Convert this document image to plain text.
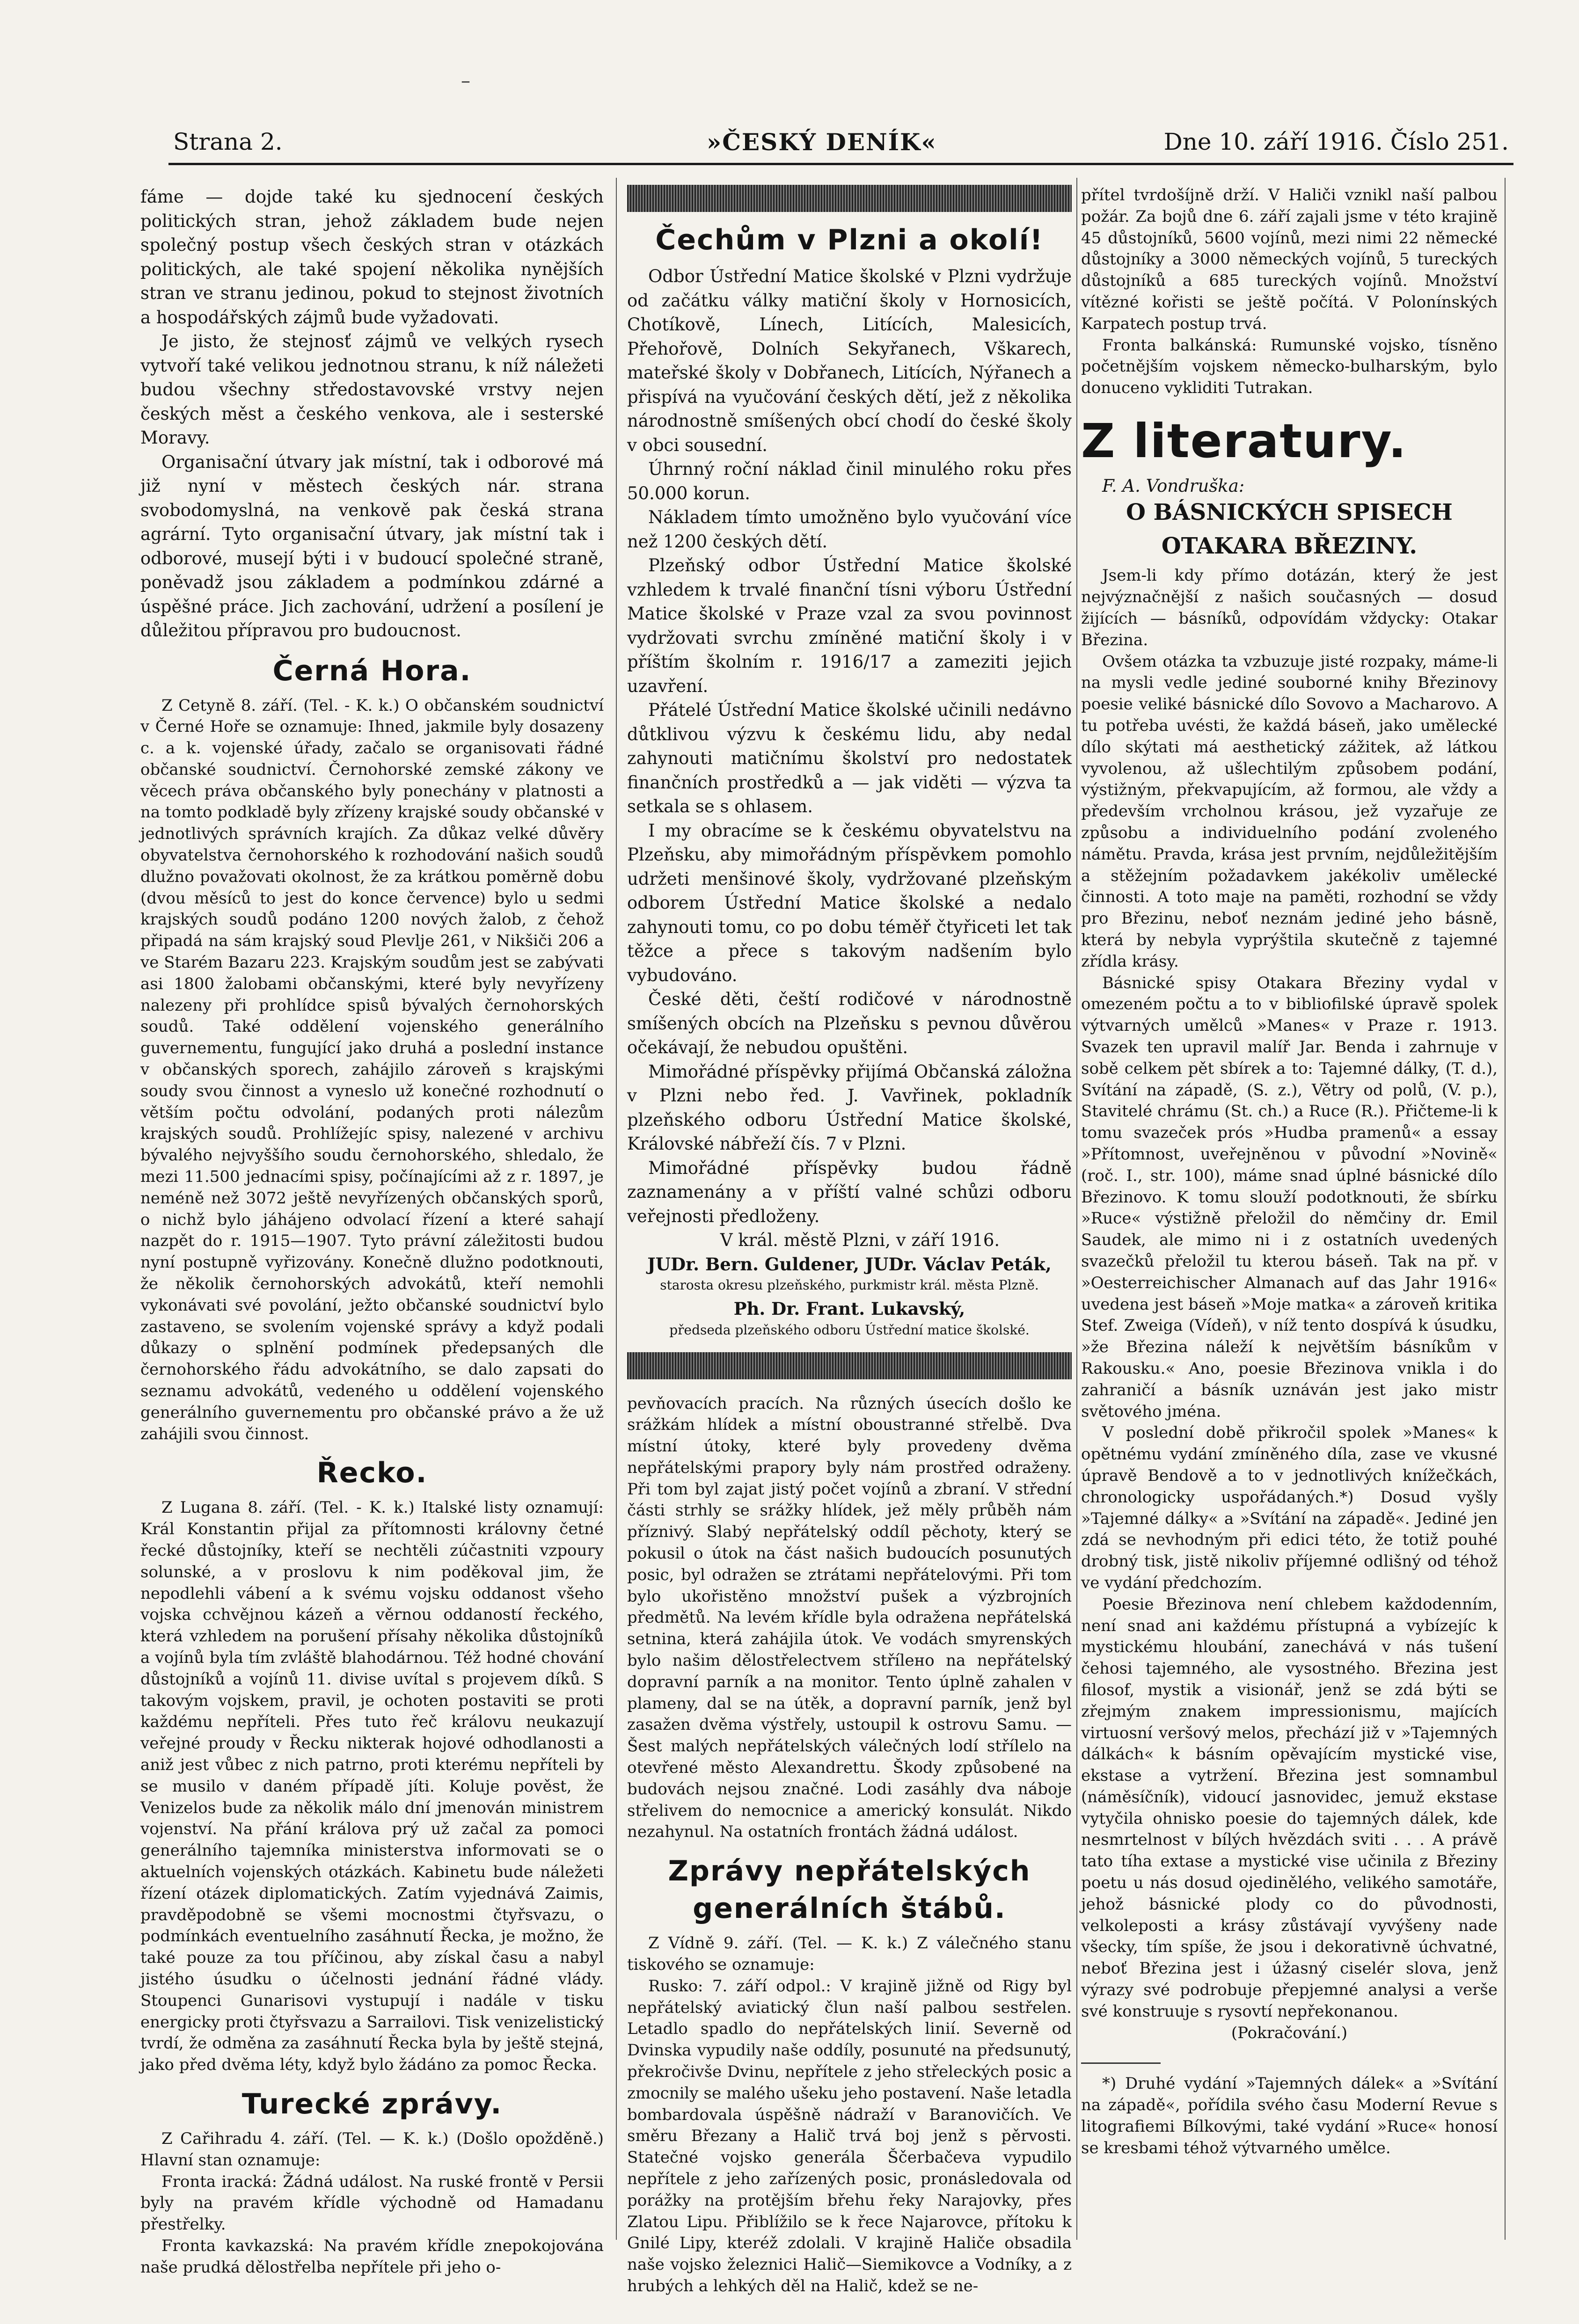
–
Strana 2.	»ČESKÝ DENÍK«	Dne 10. září 1916. Číslo 251.

fáme — dojde také ku sjednocení českých politických stran, jehož základem bude nejen společný postup všech českých stran v otázkách politických, ale také spojení několika nynějších stran ve stranu jedinou, pokud to stejnost životních a hospodářských zájmů bude vyžadovati.

Je jisto, že stejnosť zájmů ve velkých rysech vytvoří také velikou jednotnou stranu, k níž náležeti budou všechny středostavovské vrstvy nejen českých měst a českého venkova, ale i sesterské Moravy.

Organisační útvary jak místní, tak i odborové má již nyní v městech českých nár. strana svobodomyslná, na venkově pak česká strana agrární. Tyto organisační útvary, jak místní tak i odborové, musejí býti i v budoucí společné straně, poněvadž jsou základem a podmínkou zdárné a úspěšné práce. Jich zachování, udržení a posílení je důležitou přípravou pro budoucnost.

Černá Hora.

Z Cetyně 8. září. (Tel. - K. k.) O občanském soudnictví v Černé Hoře se oznamuje: Ihned, jakmile byly dosazeny c. a k. vojenské úřady, začalo se organisovati řádné občanské soudnictví. Černohorské zemské zákony ve věcech práva občanského byly ponechány v platnosti a na tomto podkladě byly zřízeny krajské soudy občanské v jednotlivých správních krajích. Za důkaz velké důvěry obyvatelstva černohorského k rozhodování našich soudů dlužno považovati okolnost, že za krátkou poměrně dobu (dvou měsíců to jest do konce července) bylo u sedmi krajských soudů podáno 1200 nových žalob, z čehož připadá na sám krajský soud Plevlje 261, v Nikšiči 206 a ve Starém Bazaru 223. Krajským soudům jest se zabývati asi 1800 žalobami občanskými, které byly nevyřízeny nalezeny při prohlídce spisů bývalých černohorských soudů. Také oddělení vojenského generálního guvernementu, fungující jako druhá a poslední instance v občanských sporech, zahájilo zároveň s krajskými soudy svou činnost a vyneslo už konečné rozhodnutí o větším počtu odvolání, podaných proti nálezům krajských soudů. Prohlížejíc spisy, nalezené v archivu bývalého nejvyššího soudu černohorského, shledalo, že mezi 11.500 jednacími spisy, počínajícími až z r. 1897, je neméně než 3072 ještě nevyřízených občanských sporů, o nichž bylo jáhájeno odvolací řízení a které sahají nazpět do r. 1915—1907. Tyto právní záležitosti budou nyní postupně vyřizovány. Konečně dlužno podotknouti, že několik černohorských advokátů, kteří nemohli vykonávati své povolání, ježto občanské soudnictví bylo zastaveno, se svolením vojenské správy a když podali důkazy o splnění podmínek předepsaných dle černohorského řádu advokátního, se dalo zapsati do seznamu advokátů, vedeného u oddělení vojenského generálního guvernementu pro občanské právo a že už zahájili svou činnost.

Řecko.

Z Lugana 8. září. (Tel. - K. k.) Italské listy oznamují: Král Konstantin přijal za přítomnosti královny četné řecké důstojníky, kteří se nechtěli zúčastniti vzpoury solunské, a v proslovu k nim poděkoval jim, že nepodlehli vábení a k svému vojsku oddanost všeho vojska cchvějnou kázeň a věrnou oddaností řeckého, která vzhledem na porušení přísahy několika důstojníků a vojínů byla tím zvláště blahodárnou. Též hodné chování důstojníků a vojínů 11. divise uvítal s projevem díků. S takovým vojskem, pravil, je ochoten postaviti se proti každému nepříteli. Přes tuto řeč královu neukazují veřejné proudy v Řecku nikterak hojové odhodlanosti a aniž jest vůbec z nich patrno, proti kterému nepříteli by se musilo v daném případě jíti. Koluje pověst, že Venizelos bude za několik málo dní jmenován ministrem vojenství. Na přání králova prý už začal za pomoci generálního tajemníka ministerstva informovati se o aktuelních vojenských otázkách. Kabinetu bude náležeti řízení otázek diplomatických. Zatím vyjednává Zaimis, pravděpodobně se všemi mocnostmi čtyřsvazu, o podmínkách eventuelního zasáhnutí Řecka, je možno, že také pouze za tou příčinou, aby získal času a nabyl jistého úsudku o účelnosti jednání řádné vlády. Stoupenci Gunarisovi vystupují i nadále v tisku energicky proti čtyřsvazu a Sarrailovi. Tisk venizelistický tvrdí, že odměna za zasáhnutí Řecka byla by ještě stejná, jako před dvěma léty, když bylo žádáno za pomoc Řecka.

Turecké zprávy.

Z Cařihradu 4. září. (Tel. — K. k.) (Došlo opožděně.) Hlavní stan oznamuje:

Fronta iracká: Žádná událost. Na ruské frontě v Persii byly na pravém křídle východně od Hamadanu přestřelky.

Fronta kavkazská: Na pravém křídle znepokojována naše prudká dělostřelba nepřítele při jeho o-

Čechům v Plzni a okolí!

Odbor Ústřední Matice školské v Plzni vydržuje od začátku války matiční školy v Hornosicích, Chotíkově, Línech, Litících, Malesicích, Přehořově, Dolních Sekyřanech, Vškarech, mateřské školy v Dobřanech, Litících, Nýřanech a přispívá na vyučování českých dětí, jež z několika národnostně smíšených obcí chodí do české školy v obci sousední.

Úhrnný roční náklad činil minulého roku přes 50.000 korun.

Nákladem tímto umožněno bylo vyučování více než 1200 českých dětí.

Plzeňský odbor Ústřední Matice školské vzhledem k trvalé finanční tísni výboru Ústřední Matice školské v Praze vzal za svou povinnost vydržovati svrchu zmíněné matiční školy i v příštím školním r. 1916/17 a zameziti jejich uzavření.

Přátelé Ústřední Matice školské učinili nedávno důtklivou výzvu k českému lidu, aby nedal zahynouti matičnímu školství pro nedostatek finančních prostředků a — jak viděti — výzva ta setkala se s ohlasem.

I my obracíme se k českému obyvatelstvu na Plzeňsku, aby mimořádným příspěvkem pomohlo udržeti menšinové školy, vydržované plzeňským odborem Ústřední Matice školské a nedalo zahynouti tomu, co po dobu téměř čtyřiceti let tak těžce a přece s takovým nadšením bylo vybudováno.

České děti, čeští rodičové v národnostně smíšených obcích na Plzeňsku s pevnou důvěrou očekávají, že nebudou opuštěni.

Mimořádné příspěvky přijímá Občanská záložna v Plzni nebo řed. J. Vavřinek, pokladník plzeňského odboru Ústřední Matice školské, Královské nábřeží čís. 7 v Plzni.

Mimořádné příspěvky budou řádně zaznamenány a v příští valné schůzi odboru veřejnosti předloženy.

V král. městě Plzni, v září 1916.

JUDr. Bern. Guldener, JUDr. Václav Peták,

starosta okresu plzeňského, purkmistr král. města Plzně.

Ph. Dr. Frant. Lukavský,

předseda plzeňského odboru Ústřední matice školské.

pevňovacích pracích. Na různých úsecích došlo ke srážkám hlídek a místní oboustranné střelbě. Dva místní útoky, které byly provedeny dvěma nepřátelskými prapory byly nám prostřed odraženy. Při tom byl zajat jistý počet vojínů a zbraní. V střední části strhly se srážky hlídek, jež měly průběh nám příznivý. Slabý nepřátelský oddíl pěchoty, který se pokusil o útok na část našich budoucích posunutých posic, byl odražen se ztrátami nepřátelovými. Při tom bylo ukořistěno množství pušek a výzbrojních předmětů. Na levém křídle byla odražena nepřátelská setnina, která zahájila útok. Ve vodách smyrenských bylo našim dělostřelectvem střílено na nepřátelský dopravní parník a na monitor. Tento úplně zahalen v plameny, dal se na útěk, a dopravní parník, jenž byl zasažen dvěma výstřely, ustoupil k ostrovu Samu. — Šest malých nepřátelských válečných lodí střílelo na otevřené město Alexandrettu. Škody způsobené na budovách nejsou značné. Lodi zasáhly dva náboje střelivem do nemocnice a americký konsulát. Nikdo nezahynul. Na ostatních frontách žádná událost.

Zprávy nepřátelských generálních štábů.

Z Vídně 9. září. (Tel. — K. k.) Z válečného stanu tiskového se oznamuje:

Rusko: 7. září odpol.: V krajině jižně od Rigy byl nepřátelský aviatický člun naší palbou sestřelen. Letadlo spadlo do nepřátelských linií. Severně od Dvinska vypudily naše oddíly, posunuté na předsunutý, překročivše Dvinu, nepřítele z jeho střeleckých posic a zmocnily se malého ušeku jeho postavení. Naše letadla bombardovala úspěšně nádraží v Baranovičích. Ve směru Březany a Halič trvá boj jenž s pěrvosti. Statečné vojsko generála Ščerbačeva vypudilo nepřítele z jeho zařízených posic, pronásledovala od porážky na protějším břehu řeky Narajovky, přes Zlatou Lipu. Přiblížilo se k řece Najarovce, přítoku k Gnilé Lipy, kteréž zdolali. V krajině Haliče obsadila naše vojsko železnici Halič—Siemikovce a Vodníky, a z hrubých a lehkých děl na Halič, kdež se ne-

přítel tvrdošíjně drží. V Haliči vznikl naší palbou požár. Za bojů dne 6. září zajali jsme v této krajině 45 důstojníků, 5600 vojínů, mezi nimi 22 německé důstojníky a 3000 německých vojínů, 5 tureckých důstojníků a 685 tureckých vojínů. Množství vítězné kořisti se ještě počítá. V Polonínských Karpatech postup trvá.

Fronta balkánská: Rumunské vojsko, tísněno početnějším vojskem německo-bulharským, bylo donuceno vykliditi Tutrakan.

Z literatury.

F. A. Vondruška:

O BÁSNICKÝCH SPISECH
OTAKARA BŘEZINY.

Jsem-li kdy přímo dotázán, který že jest nejvýznačnější z našich současných — dosud žijících — básníků, odpovídám vždycky: Otakar Březina.

Ovšem otázka ta vzbuzuje jisté rozpaky, máme-li na mysli vedle jediné souborné knihy Březinovy poesie veliké básnické dílo Sovovo a Macharovo. A tu potřeba uvésti, že každá báseň, jako umělecké dílo skýtati má aesthetický zážitek, až látkou vyvolenou, až ušlechtilým způsobem podání, výstižným, překvapujícím, až formou, ale vždy a především vrcholnou krásou, jež vyzařuje ze způsobu a individuelního podání zvoleného námětu. Pravda, krása jest prvním, nejdůležitějším a stěžejním požadavkem jakékoliv umělecké činnosti. A toto maje na paměti, rozhodní se vždy pro Březinu, neboť neznám jediné jeho básně, která by nebyla vyprýštila skutečně z tajemné zřídla krásy.

Básnické spisy Otakara Březiny vydal v omezeném počtu a to v bibliofilské úpravě spolek výtvarných umělců »Manes« v Praze r. 1913. Svazek ten upravil malíř Jar. Benda i zahrnuje v sobě celkem pět sbírek a to: Tajemné dálky, (T. d.), Svítání na západě, (S. z.), Větry od polů, (V. p.), Stavitelé chrámu (St. ch.) a Ruce (R.). Přičteme-li k tomu svazeček prós »Hudba pramenů« a essay »Přítomnost, uveřejněnou v původní »Novině« (roč. I., str. 100), máme snad úplné básnické dílo Březinovo. K tomu slouží podotknouti, že sbírku »Ruce« výstižně přeložil do němčiny dr. Emil Saudek, ale mimo ni i z ostatních uvedených svazečků přeložil tu kterou báseň. Tak na př. v »Oesterreichischer Almanach auf das Jahr 1916« uvedena jest báseň »Moje matka« a zároveň kritika Stef. Zweiga (Vídeň), v níž tento dospívá k úsudku, »že Březina náleží k největším básníkům v Rakousku.« Ano, poesie Březinova vnikla i do zahraničí a básník uznáván jest jako mistr světového jména.

V poslední době přikročil spolek »Manes« k opětnému vydání zmíněného díla, zase ve vkusné úpravě Bendově a to v jednotlivých knížečkách, chronologicky uspořádaných.*) Dosud vyšly »Tajemné dálky« a »Svítání na západě«. Jediné jen zdá se nevhodným při edici této, že totiž pouhé drobný tisk, jistě nikoliv příjemné odlišný od téhož ve vydání předchozím.

Poesie Březinova není chlebem každodenním, není snad ani každému přístupná a vybízejíc k mystickému hloubání, zanechává v nás tušení čehosi tajemného, ale vysostného. Březina jest filosof, mystik a visionář, jenž se zdá býti se zřejmým znakem impressionismu, majících virtuosní veršový melos, přechází již v »Tajemných dálkách« k básním opěvajícím mystické vise, ekstase a vytržení. Březina jest somnambul (náměsíčník), vidoucí jasnovidec, jemuž ekstase vytyčila ohnisko poesie do tajemných dálek, kde nesmrtelnost v bílých hvězdách sviti . . . A právě tato tíha extase a mystické vise učinila z Březiny poetu u nás dosud ojedinělého, velikého samotáře, jehož básnické plody co do původnosti, velkoleposti a krásy zůstávají vyvýšeny nade všecky, tím spíše, že jsou i dekorativně úchvatné, neboť Březina jest i úžasný ciselér slova, jenž výrazy své podrobuje přepjemné analysi a verše své konstruuje s rysovtí nepřekonanou.

(Pokračování.)

*) Druhé vydání »Tajemných dálek« a »Svítání na západě«, pořídila svého času Moderní Revue s litografiemi Bílkovými, také vydání »Ruce« honosí se kresbami téhož výtvarného umělce.
